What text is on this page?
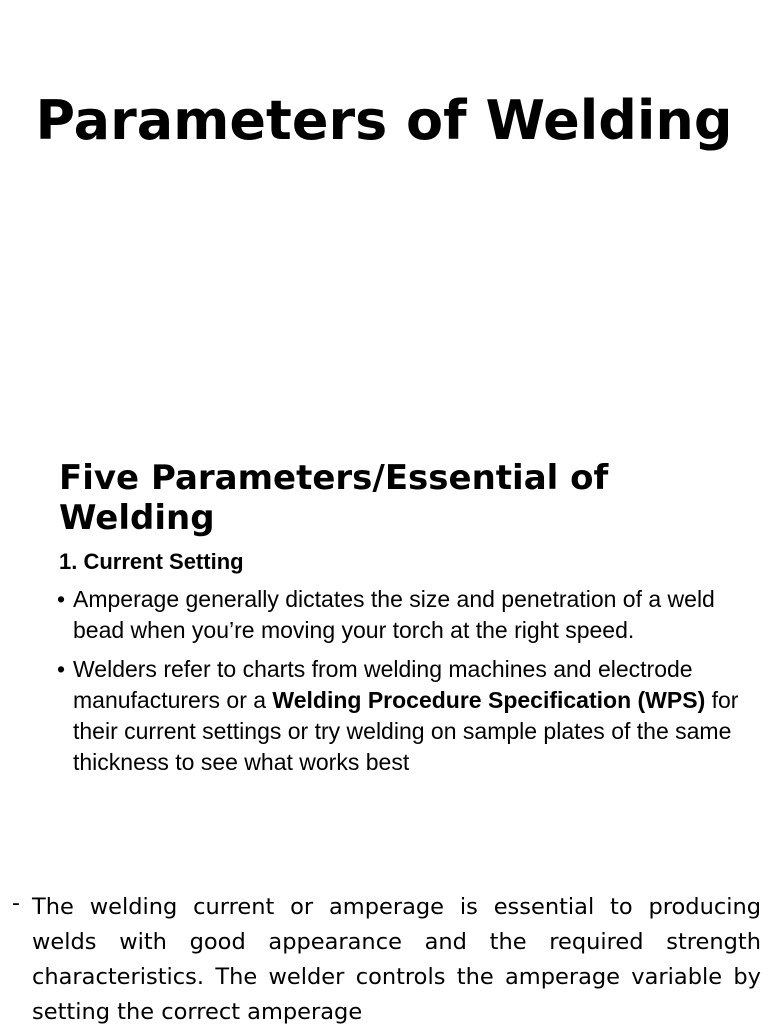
Parameters of Welding
Five Parameters/Essential of Welding
1. Current Setting
• Amperage generally dictates the size and penetration of a weld bead when you’re moving your torch at the right speed.
• Welders refer to charts from welding machines and electrode manufacturers or a Welding Procedure Specification (WPS) for their current settings or try welding on sample plates of the same thickness to see what works best
- The welding current or amperage is essential to producing welds with good appearance and the required strength characteristics. The welder controls the amperage variable by setting the correct amperage
